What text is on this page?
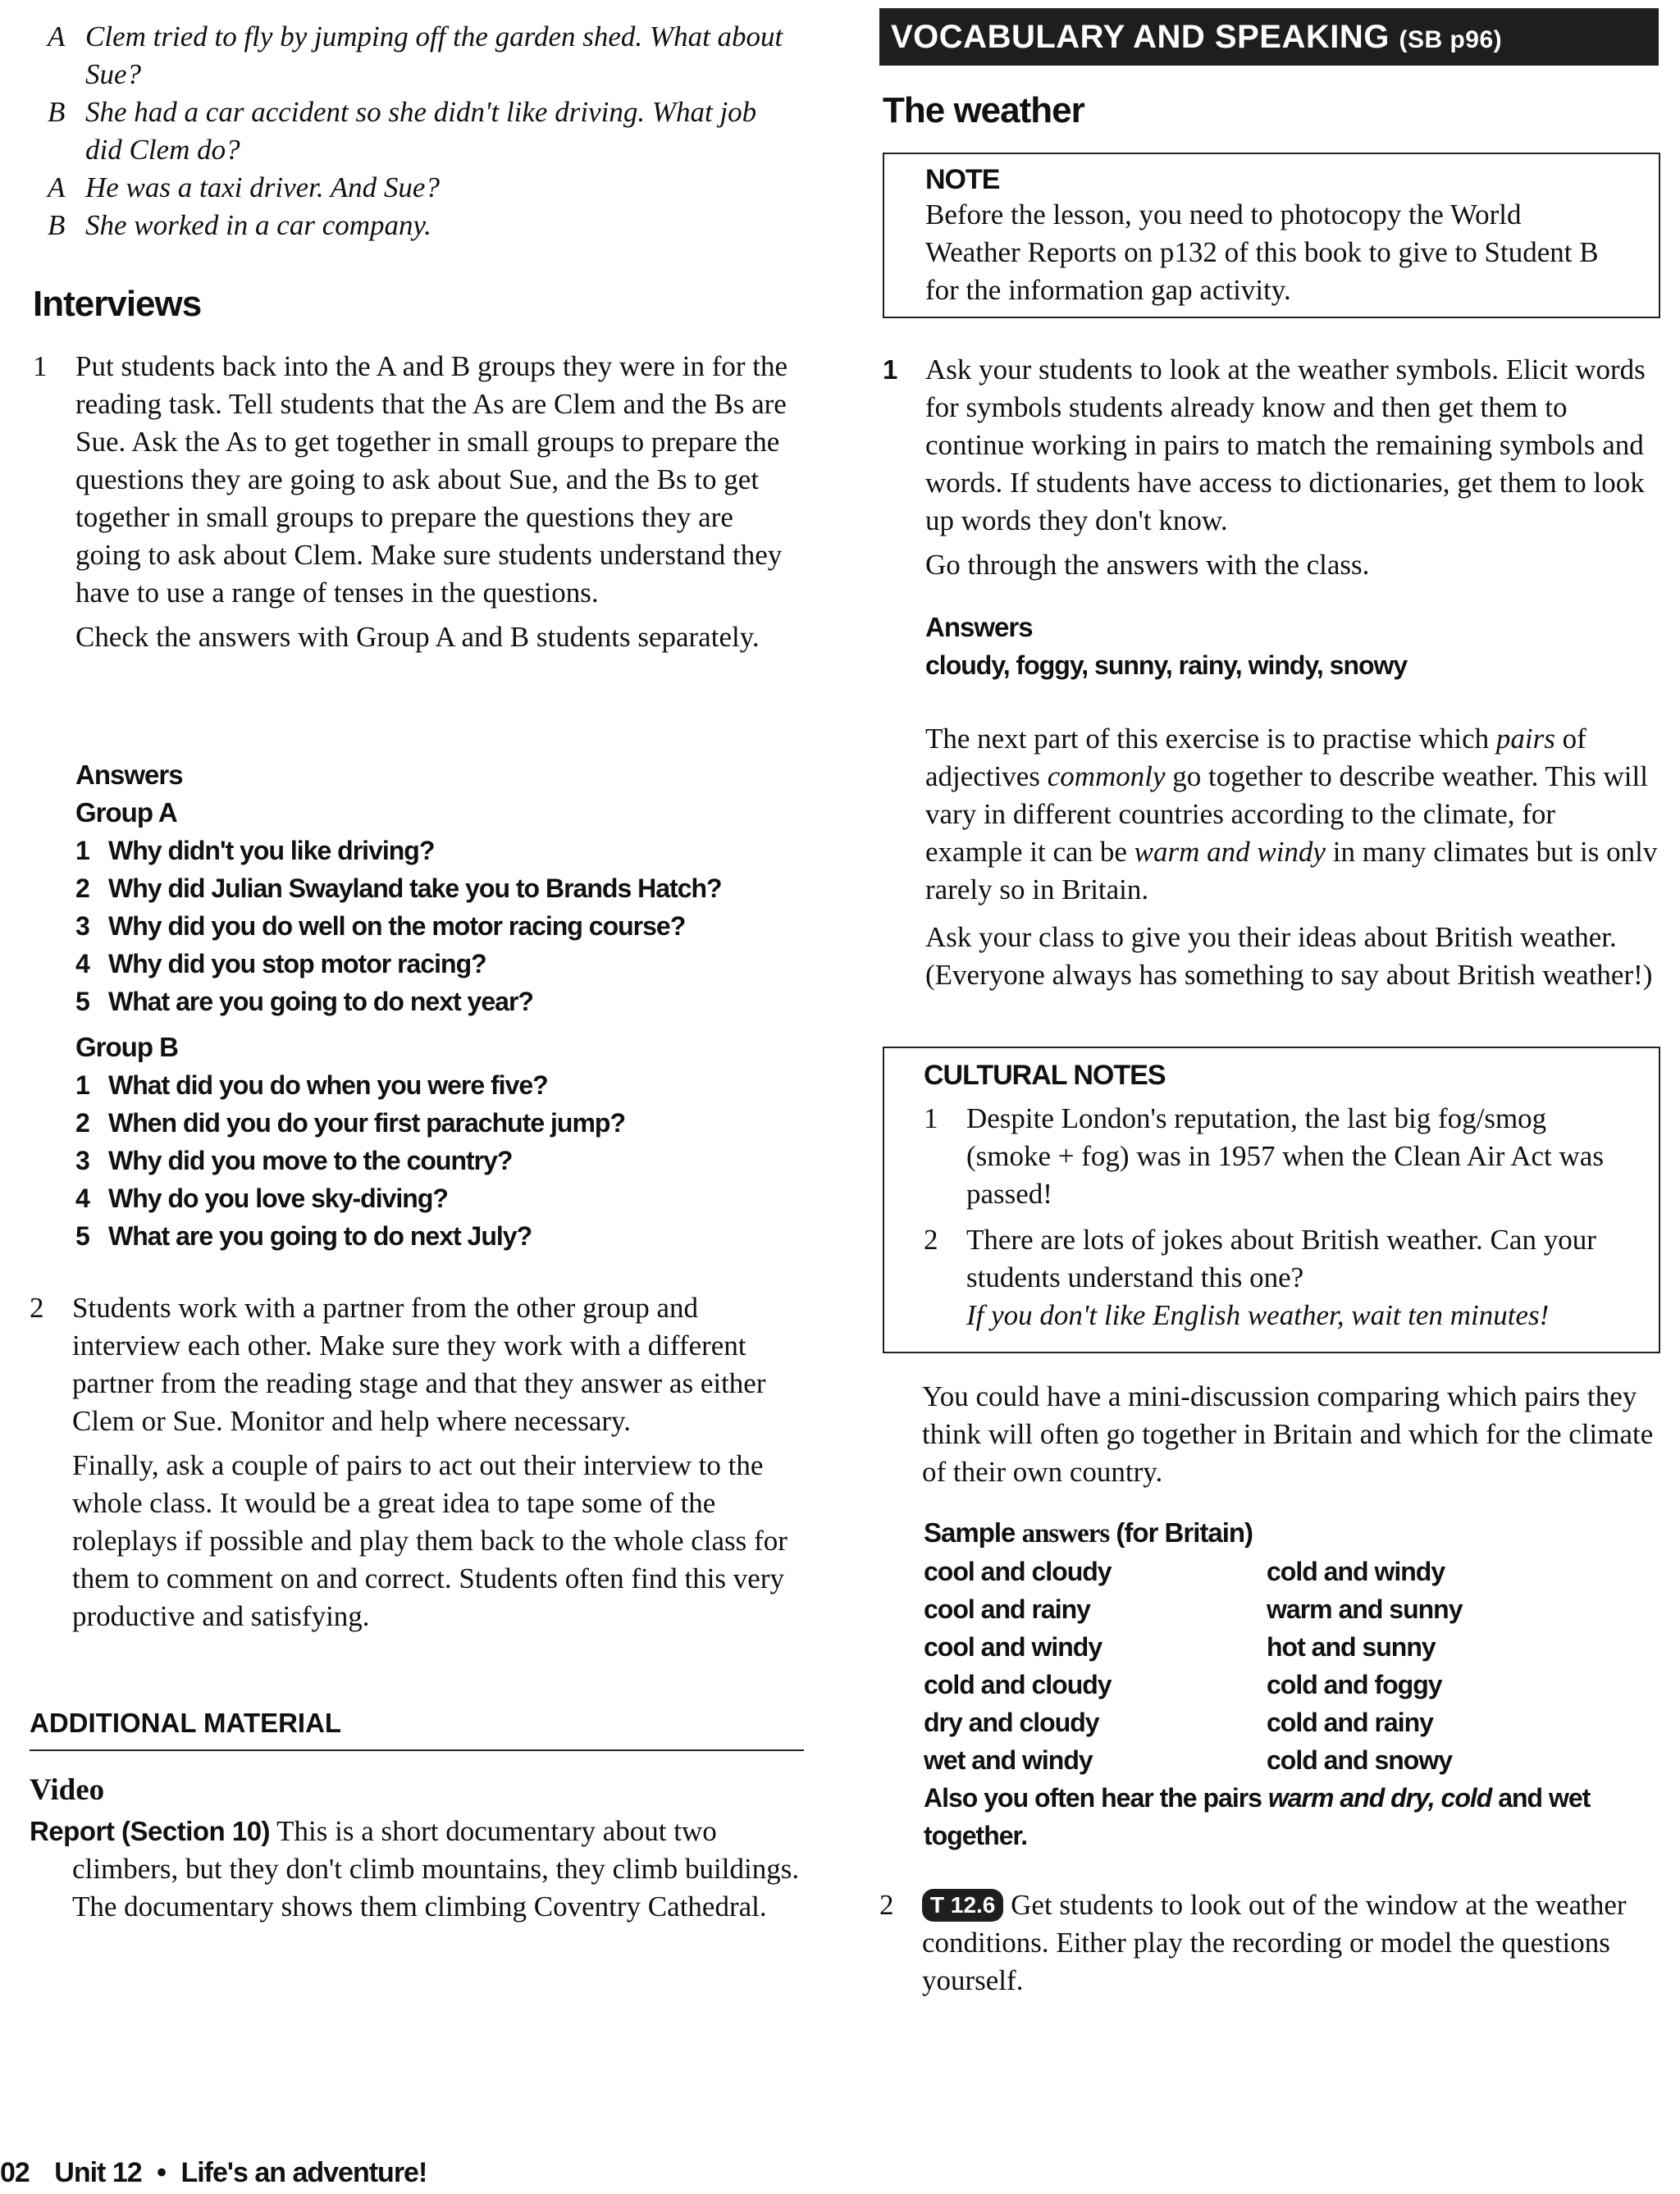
A Clem tried to fly by jumping off the garden shed. What about Sue?
B She had a car accident so she didn't like driving. What job did Clem do?
A He was a taxi driver. And Sue?
B She worked in a car company.
Interviews
1 Put students back into the A and B groups they were in for the reading task. Tell students that the As are Clem and the Bs are Sue. Ask the As to get together in small groups to prepare the questions they are going to ask about Sue, and the Bs to get together in small groups to prepare the questions they are going to ask about Clem. Make sure students understand they have to use a range of tenses in the questions.
Check the answers with Group A and B students separately.
Answers
Group A
1 Why didn't you like driving?
2 Why did Julian Swayland take you to Brands Hatch?
3 Why did you do well on the motor racing course?
4 Why did you stop motor racing?
5 What are you going to do next year?
Group B
1 What did you do when you were five?
2 When did you do your first parachute jump?
3 Why did you move to the country?
4 Why do you love sky-diving?
5 What are you going to do next July?
2 Students work with a partner from the other group and interview each other. Make sure they work with a different partner from the reading stage and that they answer as either Clem or Sue. Monitor and help where necessary.
Finally, ask a couple of pairs to act out their interview to the whole class. It would be a great idea to tape some of the roleplays if possible and play them back to the whole class for them to comment on and correct. Students often find this very productive and satisfying.
ADDITIONAL MATERIAL
Video
Report (Section 10) This is a short documentary about two climbers, but they don't climb mountains, they climb buildings. The documentary shows them climbing Coventry Cathedral.
VOCABULARY AND SPEAKING (SB p96)
The weather
NOTE
Before the lesson, you need to photocopy the World Weather Reports on p132 of this book to give to Student B for the information gap activity.
1 Ask your students to look at the weather symbols. Elicit words for symbols students already know and then get them to continue working in pairs to match the remaining symbols and words. If students have access to dictionaries, get them to look up words they don't know.
Go through the answers with the class.
Answers
cloudy, foggy, sunny, rainy, windy, snowy
The next part of this exercise is to practise which pairs of adjectives commonly go together to describe weather. This will vary in different countries according to the climate, for example it can be warm and windy in many climates but is onlv rarely so in Britain.
Ask your class to give you their ideas about British weather. (Everyone always has something to say about British weather!)
CULTURAL NOTES
1 Despite London's reputation, the last big fog/smog (smoke + fog) was in 1957 when the Clean Air Act was passed!
2 There are lots of jokes about British weather. Can your students understand this one?
If you don't like English weather, wait ten minutes!
You could have a mini-discussion comparing which pairs they think will often go together in Britain and which for the climate of their own country.
Sample answers (for Britain)
cool and cloudy	cold and windy
cool and rainy	warm and sunny
cool and windy	hot and sunny
cold and cloudy	cold and foggy
dry and cloudy	cold and rainy
wet and windy	cold and snowy
Also you often hear the pairs warm and dry, cold and wet together.
2	T 12.6 Get students to look out of the window at the weather conditions. Either play the recording or model the questions yourself.
02 Unit 12 • Life's an adventure!
